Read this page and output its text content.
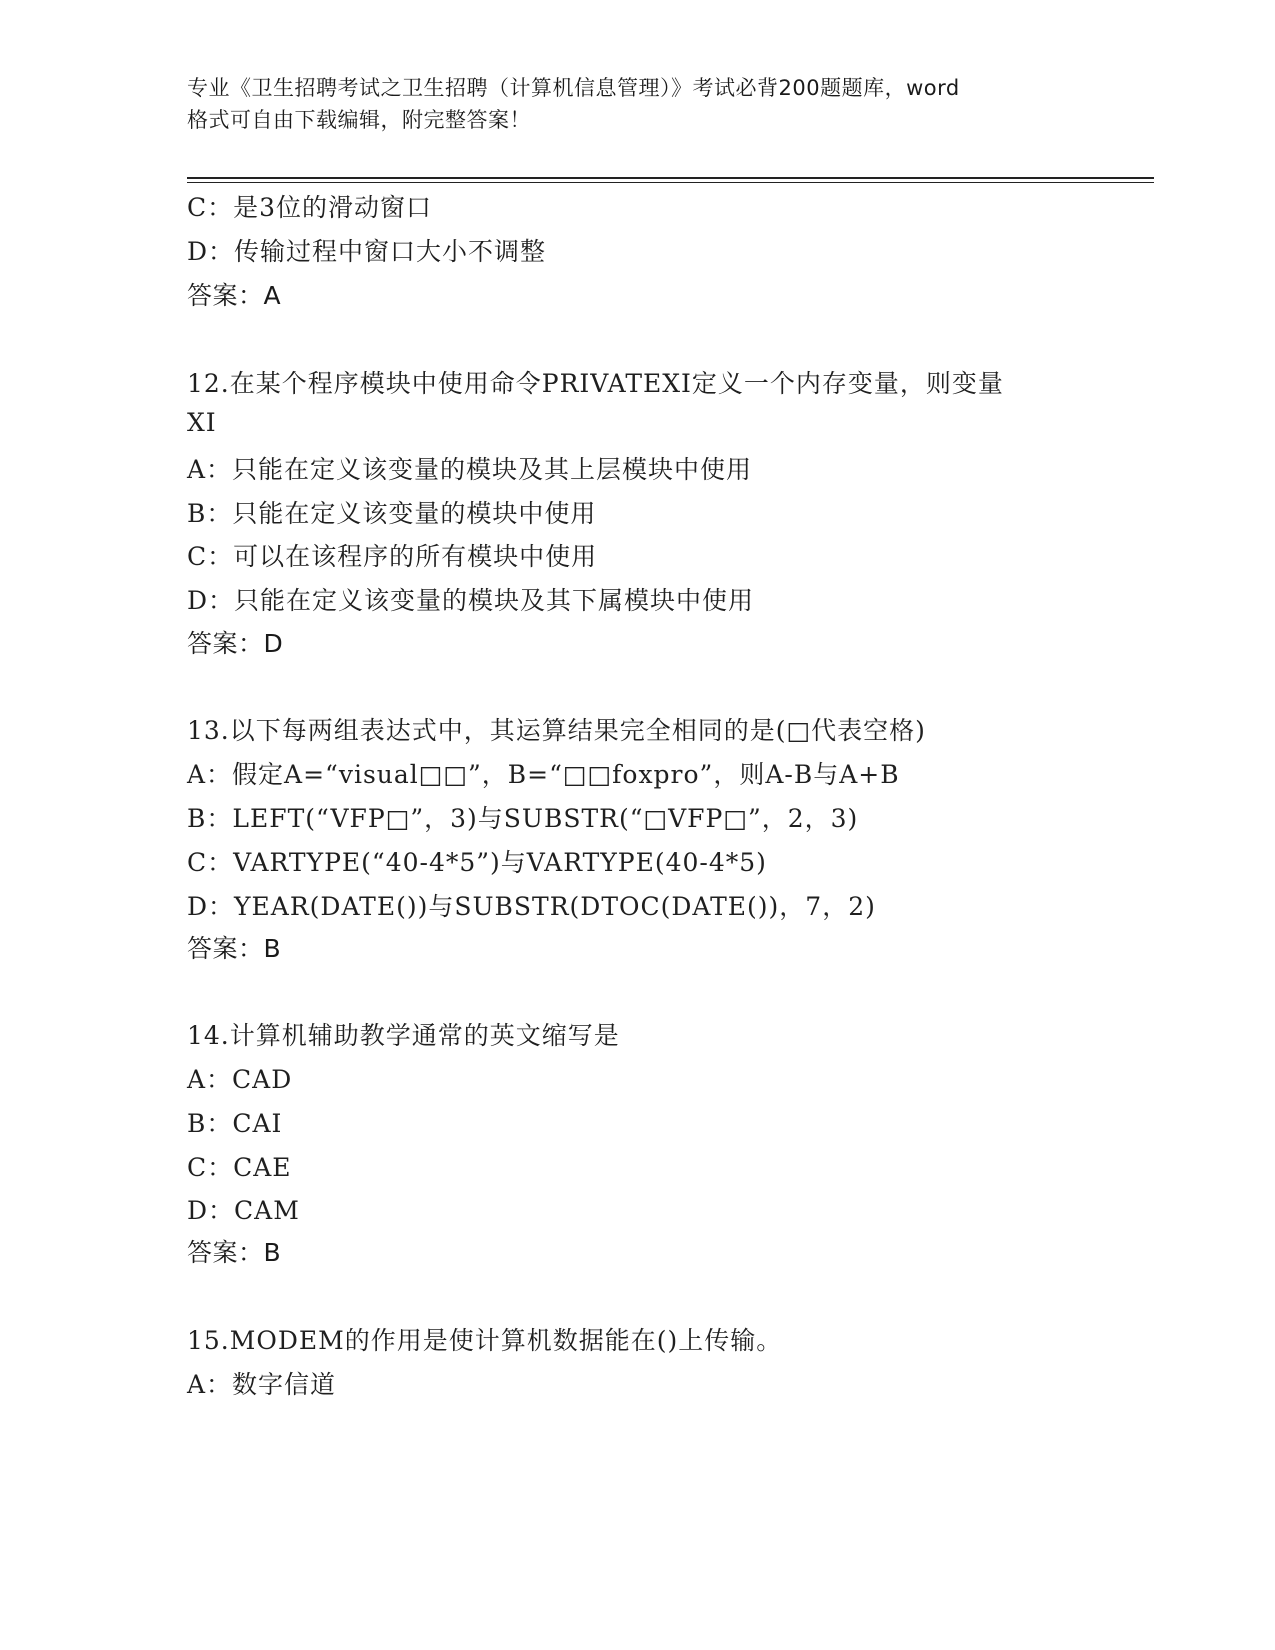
专业《卫生招聘考试之卫生招聘（计算机信息管理）》考试必背200题题库，word
格式可自由下载编辑，附完整答案！
C：是3位的滑动窗口
D：传输过程中窗口大小不调整
答案：A
12.在某个程序模块中使用命令PRIVATEXI定义一个内存变量，则变量
XI
A：只能在定义该变量的模块及其上层模块中使用
B：只能在定义该变量的模块中使用
C：可以在该程序的所有模块中使用
D：只能在定义该变量的模块及其下属模块中使用
答案：D
13.以下每两组表达式中，其运算结果完全相同的是(□代表空格)
A：假定A=“visual□□”，B=“□□foxpro”，则A-B与A+B
B：LEFT(“VFP□”，3)与SUBSTR(“□VFP□”，2，3)
C：VARTYPE(“40-4*5”)与VARTYPE(40-4*5)
D：YEAR(DATE())与SUBSTR(DTOC(DATE())，7，2)
答案：B
14.计算机辅助教学通常的英文缩写是
A：CAD
B：CAI
C：CAE
D：CAM
答案：B
15.MODEM的作用是使计算机数据能在()上传输。
A：数字信道
